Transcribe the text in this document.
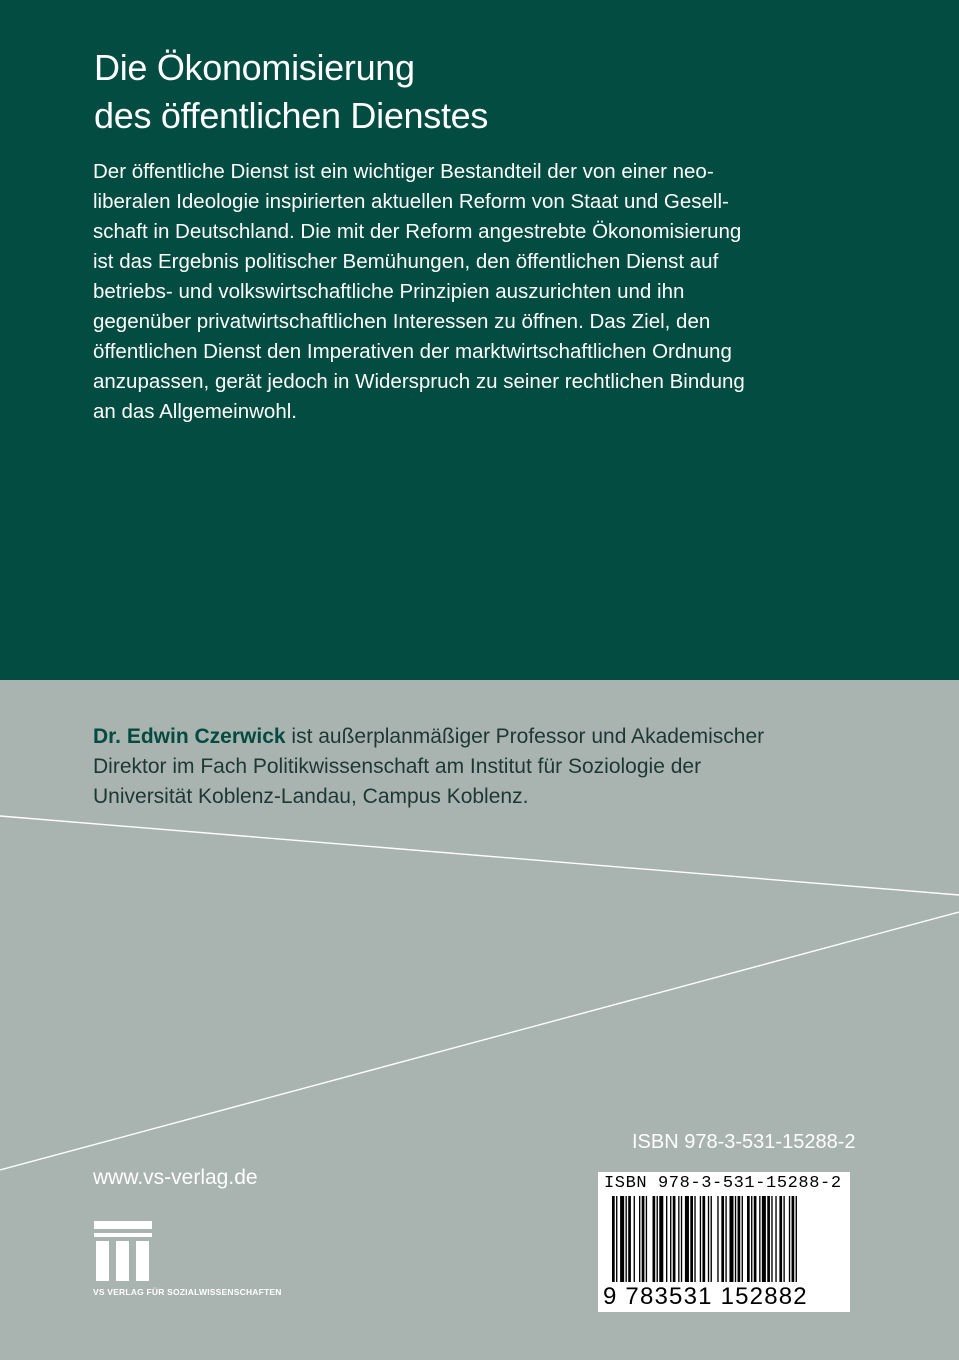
Die Ökonomisierung
des öffentlichen Dienstes
Der öffentliche Dienst ist ein wichtiger Bestandteil der von einer neo-
liberalen Ideologie inspirierten aktuellen Reform von Staat und Gesell-
schaft in Deutschland. Die mit der Reform angestrebte Ökonomisierung
ist das Ergebnis politischer Bemühungen, den öffentlichen Dienst auf
betriebs- und volkswirtschaftliche Prinzipien auszurichten und ihn
gegenüber privatwirtschaftlichen Interessen zu öffnen. Das Ziel, den
öffentlichen Dienst den Imperativen der marktwirtschaftlichen Ordnung
anzupassen, gerät jedoch in Widerspruch zu seiner rechtlichen Bindung
an das Allgemeinwohl.
Dr. Edwin Czerwick ist außerplanmäßiger Professor und Akademischer
Direktor im Fach Politikwissenschaft am Institut für Soziologie der
Universität Koblenz-Landau, Campus Koblenz.
ISBN 978-3-531-15288-2
www.vs-verlag.de
VS VERLAG FÜR SOZIALWISSENSCHAFTEN
ISBN 978-3-531-15288-2
9 783531 152882
